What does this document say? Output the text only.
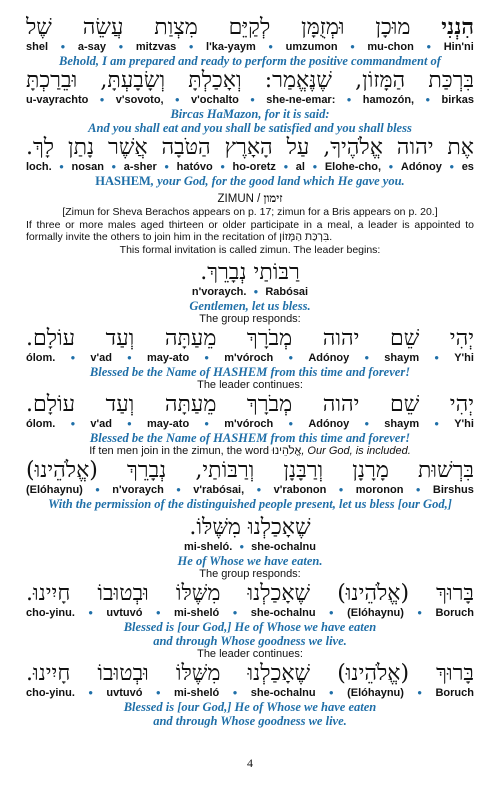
הִנְנִי מוּכָן וּמְזֻמָּן לְקַיֵּם מִצְוַת עֲשֵׂה שֶׁל
Hin'ni
●
mu-chon
●
umzumon
●
l'ka-yaym
●
mitzvas
●
a-say
●
shel
Behold, I am prepared and ready to perform the positive commandment of
בִּרְכַּת הַמָּזוֹן, שֶׁנֶּאֱמַר: וְאָכַלְתָּ וְשָׂבָעְתָּ, וּבֵרַכְתָּ
birkas
●
hamozón,
●
she-ne-emar:
●
v'ochalto
●
v'sovoto,
●
u-vayrachto
Bircas HaMazon, for it is said:
And you shall eat and you shall be satisfied and you shall bless
אֶת יהוה אֱלֹהֶיךָ, עַל הָאָרֶץ הַטֹּבָה אֲשֶׁר נָתַן לָךְ.
es
●
Adónoy
●
Elohe-cho,
●
al
●
ho-oretz
●
hatóvo
●
a-sher
●
nosan
●
loch.
HASHEM, your God, for the good land which He gave you.
ZIMUN / זימון
[Zimun for Sheva Berachos appears on p. 17; zimun for a Bris appears on p. 20.]
If three or more males aged thirteen or older participate in a meal, a leader is appointed to formally invite the others to join him in the recitation of בִּרְכַּת הַמָּזוֹן.
This formal invitation is called zimun. The leader begins:
רַבּוֹתַי נְבָרֵךְ.
Rabósai
●
n'voraych.
Gentlemen, let us bless.
The group responds:
יְהִי שֵׁם יהוה מְבֹרָךְ מֵעַתָּה וְעַד עוֹלָם.
Y'hi
●
shaym
●
Adónoy
●
m'vóroch
●
may-ato
●
v'ad
●
ólom.
Blessed be the Name of HASHEM from this time and forever!
The leader continues:
יְהִי שֵׁם יהוה מְבֹרָךְ מֵעַתָּה וְעַד עוֹלָם.
Y'hi
●
shaym
●
Adónoy
●
m'vóroch
●
may-ato
●
v'ad
●
ólom.
Blessed be the Name of HASHEM from this time and forever!
If ten men join in the zimun, the word אֱלֹהֵינוּ, Our God, is included.
בִּרְשׁוּת מָרָנָן וְרַבָּנָן וְרַבּוֹתַי, נְבָרֵךְ (אֱלֹהֵינוּ)
Birshus
●
moronon
●
v'rabonon
●
v'rabósai,
●
n'voraych
●
(Elóhaynu)
With the permission of the distinguished people present, let us bless [our God,]
שֶׁאָכַלְנוּ מִשֶּׁלּוֹ.
she-ochalnu
●
mi-sheló.
He of Whose we have eaten.
The group responds:
בָּרוּךְ (אֱלֹהֵינוּ) שֶׁאָכַלְנוּ מִשֶּׁלּוֹ וּבְטוּבוֹ חָיִינוּ.
Boruch
●
(Elóhaynu)
●
she-ochalnu
●
mi-sheló
●
uvtuvó
●
cho-yinu.
Blessed is [our God,] He of Whose we have eaten
and through Whose goodness we live.
The leader continues:
בָּרוּךְ (אֱלֹהֵינוּ) שֶׁאָכַלְנוּ מִשֶּׁלּוֹ וּבְטוּבוֹ חָיִינוּ.
Boruch
●
(Elóhaynu)
●
she-ochalnu
●
mi-sheló
●
uvtuvó
●
cho-yinu.
Blessed is [our God,] He of Whose we have eaten
and through Whose goodness we live.
4
